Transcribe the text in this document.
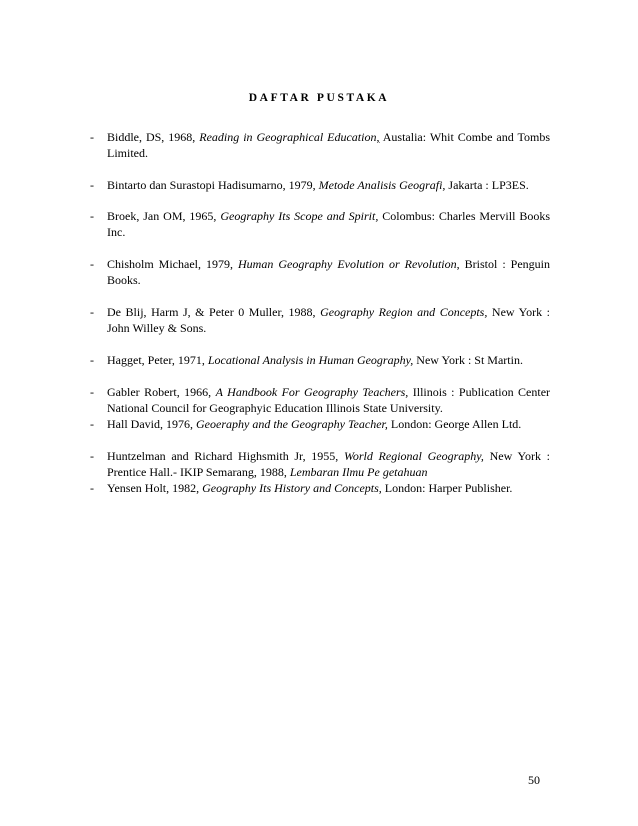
DAFTAR PUSTAKA
- Biddle, DS, 1968, Reading in Geographical Education, Austalia: Whit Combe and Tombs Limited.
- Bintarto dan Surastopi Hadisumarno, 1979, Metode Analisis Geografi, Jakarta : LP3ES.
- Broek, Jan OM, 1965, Geography Its Scope and Spirit, Colombus: Charles Mervill Books Inc.
- Chisholm Michael, 1979, Human Geography Evolution or Revolution, Bristol : Penguin Books.
- De Blij, Harm J, & Peter 0 Muller, 1988, Geography Region and Concepts, New York : John Willey & Sons.
- Hagget, Peter, 1971, Locational Analysis in Human Geography, New York : St Martin.
- Gabler Robert, 1966, A Handbook For Geography Teachers, Illinois : Publication Center National Council for Geographyic Education Illinois State University.
- Hall David, 1976, Geoeraphy and the Geography Teacher, London: George Allen Ltd.
- Huntzelman and Richard Highsmith Jr, 1955, World Regional Geography, New York : Prentice Hall.- IKIP Semarang, 1988, Lembaran Ilmu Pe getahuan
- Yensen Holt, 1982, Geography Its History and Concepts, London: Harper Publisher.
50
